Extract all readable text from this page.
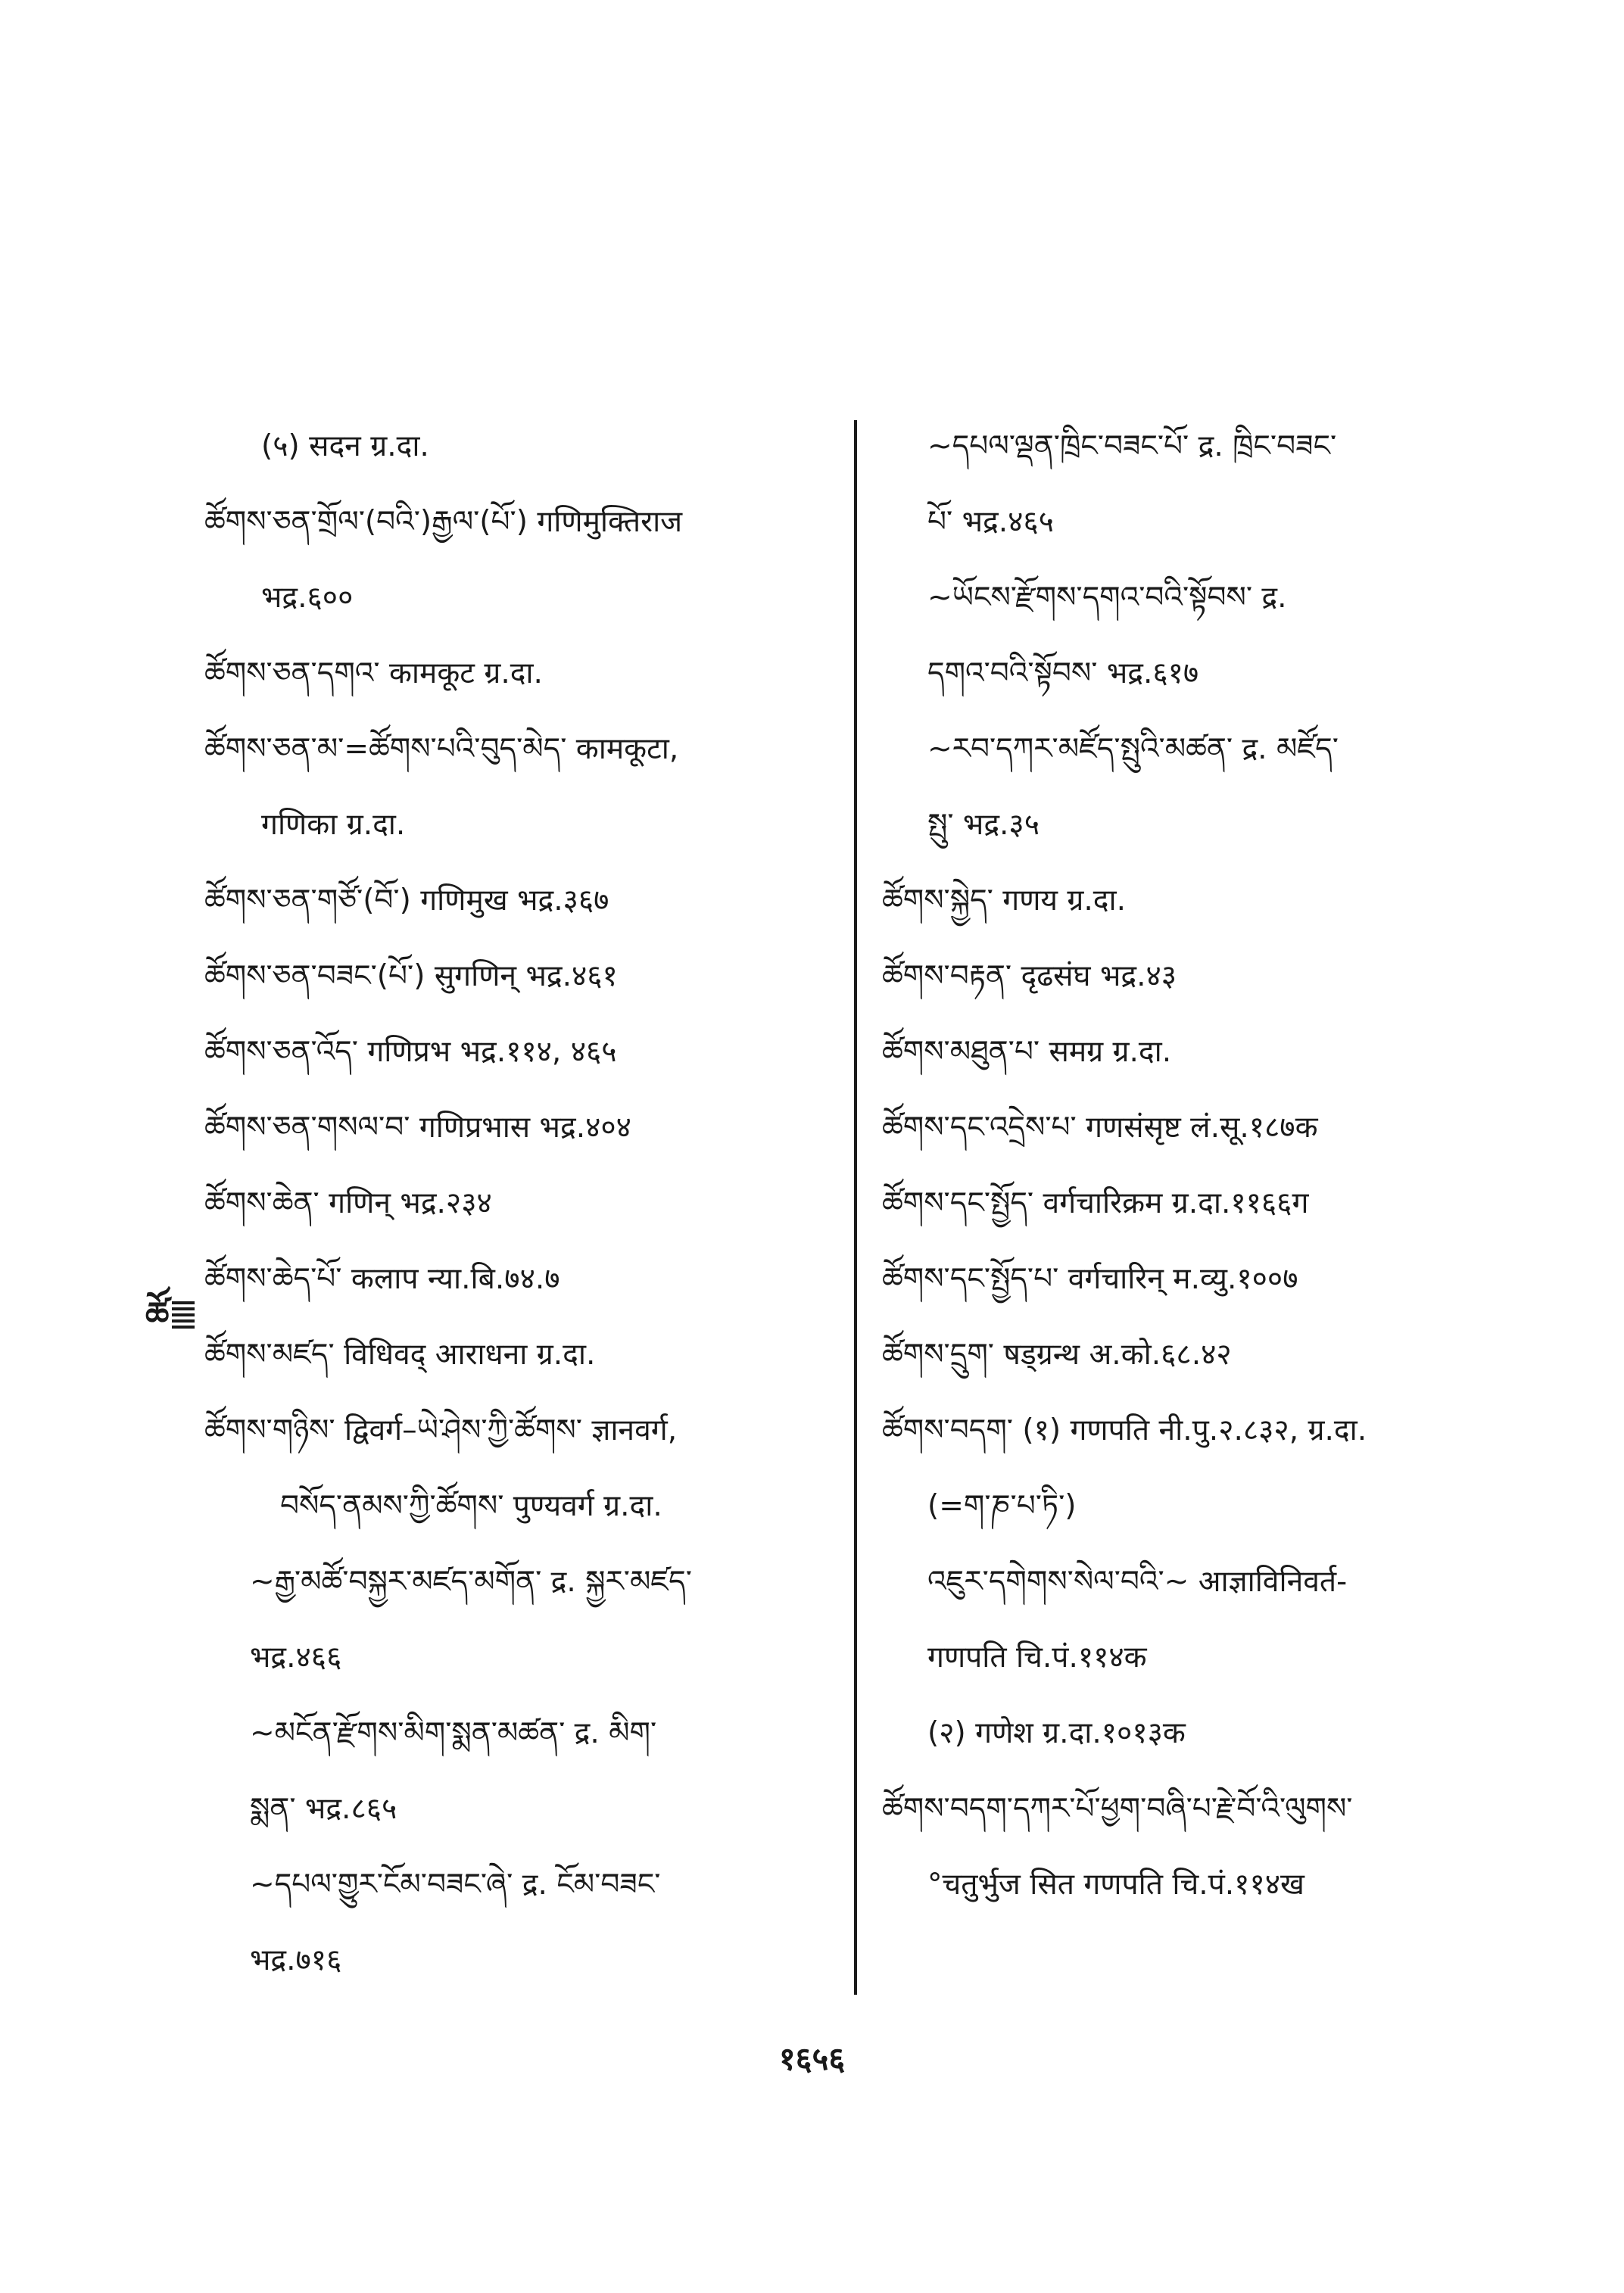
(५) सदन ग्र.दा.
ཚོགས་ཅན་གྲོལ་(བའི་)རྒྱལ་(པོ་) गणिमुक्तिराज
भद्र.६००
ཚོགས་ཅན་དགའ་ कामकूट ग्र.दा.
ཚོགས་ཅན་མ་=ཚོགས་པའི་བུད་མེད་ कामकूटा,
गणिका ग्र.दा.
ཚོགས་ཅན་གཙོ་(བོ་) गणिमुख भद्र.३६७
ཚོགས་ཅན་བཟང་(པོ་) सुगणिन् भद्र.४६१
ཚོགས་ཅན་འོད་ गणिप्रभ भद्र.११४, ४६५
ཚོགས་ཅན་གསལ་བ་ गणिप्रभास भद्र.४०४
ཚོགས་ཆེན་ गणिन् भद्र.२३४
ཚོགས་ཆེད་པོ་ कलाप न्या.बि.७४.७
ཚོགས་མཛད་ विधिवद् आराधना ग्र.दा.
ཚོགས་གཉིས་ द्विवर्ग–ཡེ་ཤེས་ཀྱི་ཚོགས་ ज्ञानवर्ग,
བསོད་ནམས་ཀྱི་ཚོགས་ पुण्यवर्ग ग्र.दा.
~རྒྱ་མཚོ་བསྐྱར་མཛད་མགོན་ द्र. སྐྱར་མཛད་
भद्र.४६६
~མངོན་རྫོགས་མིག་སྨན་མཚན་ द्र. མིག་
སྨན་ भद्र.८६५
~དཔལ་གྱུར་ངོམ་བཟང་ཞེ་ द्र. ངོམ་བཟང་
भद्र.७१६
~དཔལ་ལྡན་ཁྲིང་བཟང་པོ་ द्र. ཁྲིང་བཟང་
པོ་ भद्र.४६५
~ཡོངས་རྫོགས་དགའ་བའི་སྟོབས་ द्र.
དགའ་བའི་སྟོབས་ भद्र.६१७
~རབ་དཀར་མཛོད་སྤུའི་མཚན་ द्र. མཛོད་
སྤུ་ भद्र.३५
ཚོགས་སྐྱེད་ गणय ग्र.दा.
ཚོགས་བརྟན་ दृढसंघ भद्र.४३
ཚོགས་མཐུན་པ་ समग्र ग्र.दा.
ཚོགས་དང་འདྲེས་པ་ गणसंसृष्ट लं.सू.१८७क
ཚོགས་དང་སྤྱོད་ वर्गचारिक्रम ग्र.दा.११६६ग
ཚོགས་དང་སྤྱོད་པ་ वर्गचारिन् म.व्यु.१००७
ཚོགས་དྲུག་ षड्ग्रन्थ अ.को.६८.४२
ཚོགས་བདག་ (१) गणपति नी.पु.२.८३२, ग्र.दा.
(=ག་ཎ་པ་ཏི་)
འཇུར་དགེགས་སེལ་བའི་~ आज्ञाविनिवर्त-
गणपति चि.पं.११४क
(२) गणेश ग्र.दा.१०१३क
ཚོགས་བདག་དཀར་པོ་ཕྱག་བཞི་པ་རྗེ་བོ་འི་ལུགས་
°चतुर्भुज सित गणपति चि.पं.११४ख
ཚོ
१६५६
